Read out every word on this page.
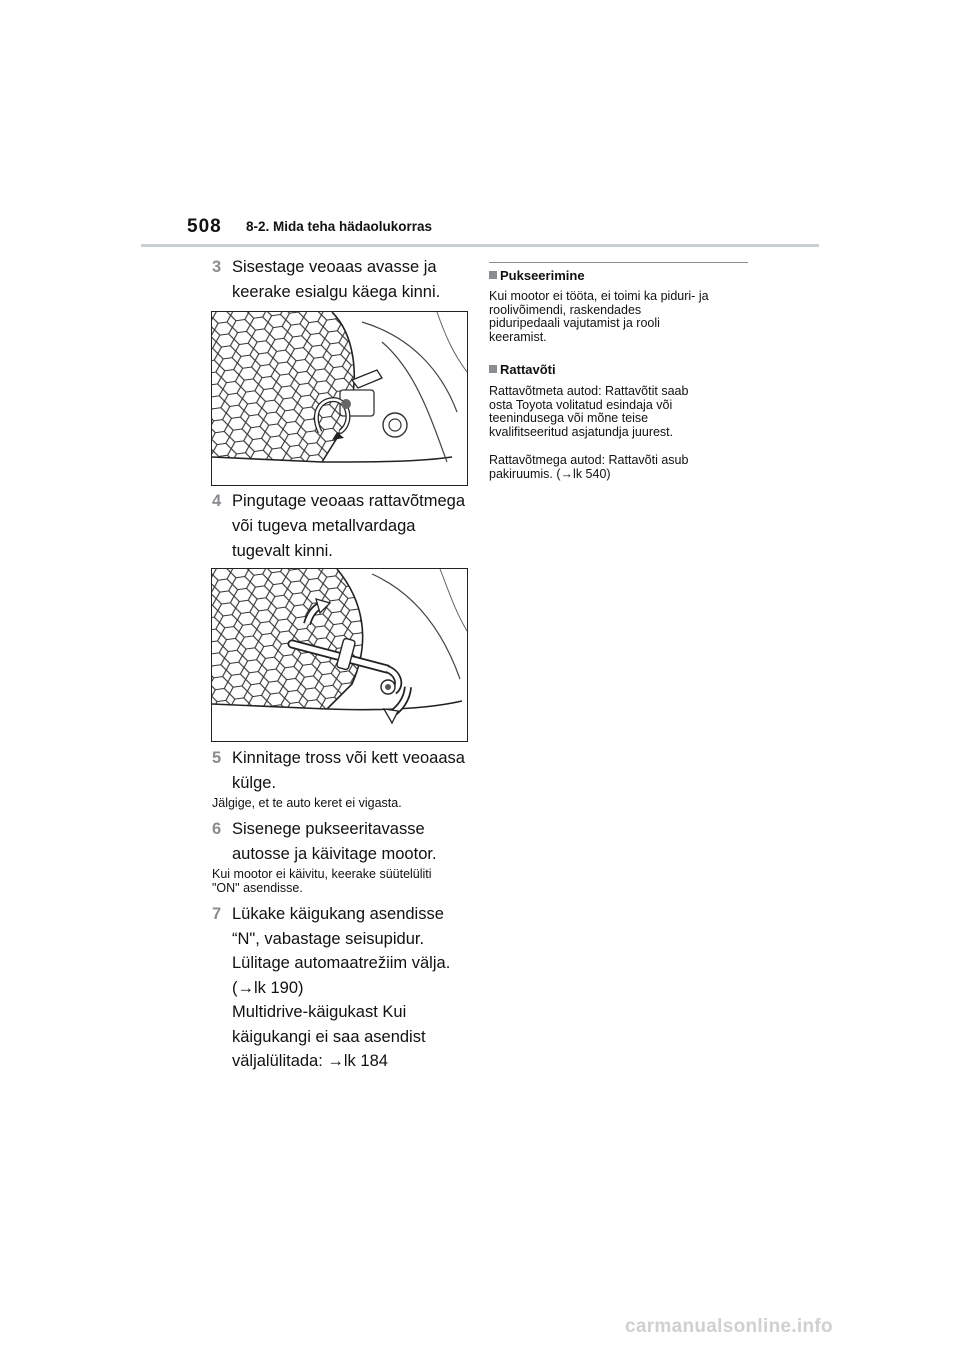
508 8-2. Mida teha hädaolukorras
3 Sisestage veoaas avasse ja
keerake esialgu käega kinni.
4 Pingutage veoaas rattavõtmega
või tugeva metallvardaga
tugevalt kinni.
5 Kinnitage tross või kett veoaasa
külge.
Jälgige, et te auto keret ei vigasta.
6 Sisenege pukseeritavasse
autosse ja käivitage mootor.
Kui mootor ei käivitu, keerake süütelüliti
"ON" asendisse.
7 Lükake käigukang asendisse
“N", vabastage seisupidur.
Lülitage automaatrežiim välja.
(→lk 190)
Multidrive-käigukast Kui
käigukangi ei saa asendist
väljalülitada: →lk 184
Pukseerimine
Kui mootor ei tööta, ei toimi ka piduri- ja
roolivõimendi, raskendades
piduripedaali vajutamist ja rooli
keeramist.
Rattavõti
Rattavõtmeta autod: Rattavõtit saab
osta Toyota volitatud esindaja või
teenindusega või mõne teise
kvalifitseeritud asjatundja juurest.
Rattavõtmega autod: Rattavõti asub
pakiruumis. (→lk 540)
carmanualsonline.info
